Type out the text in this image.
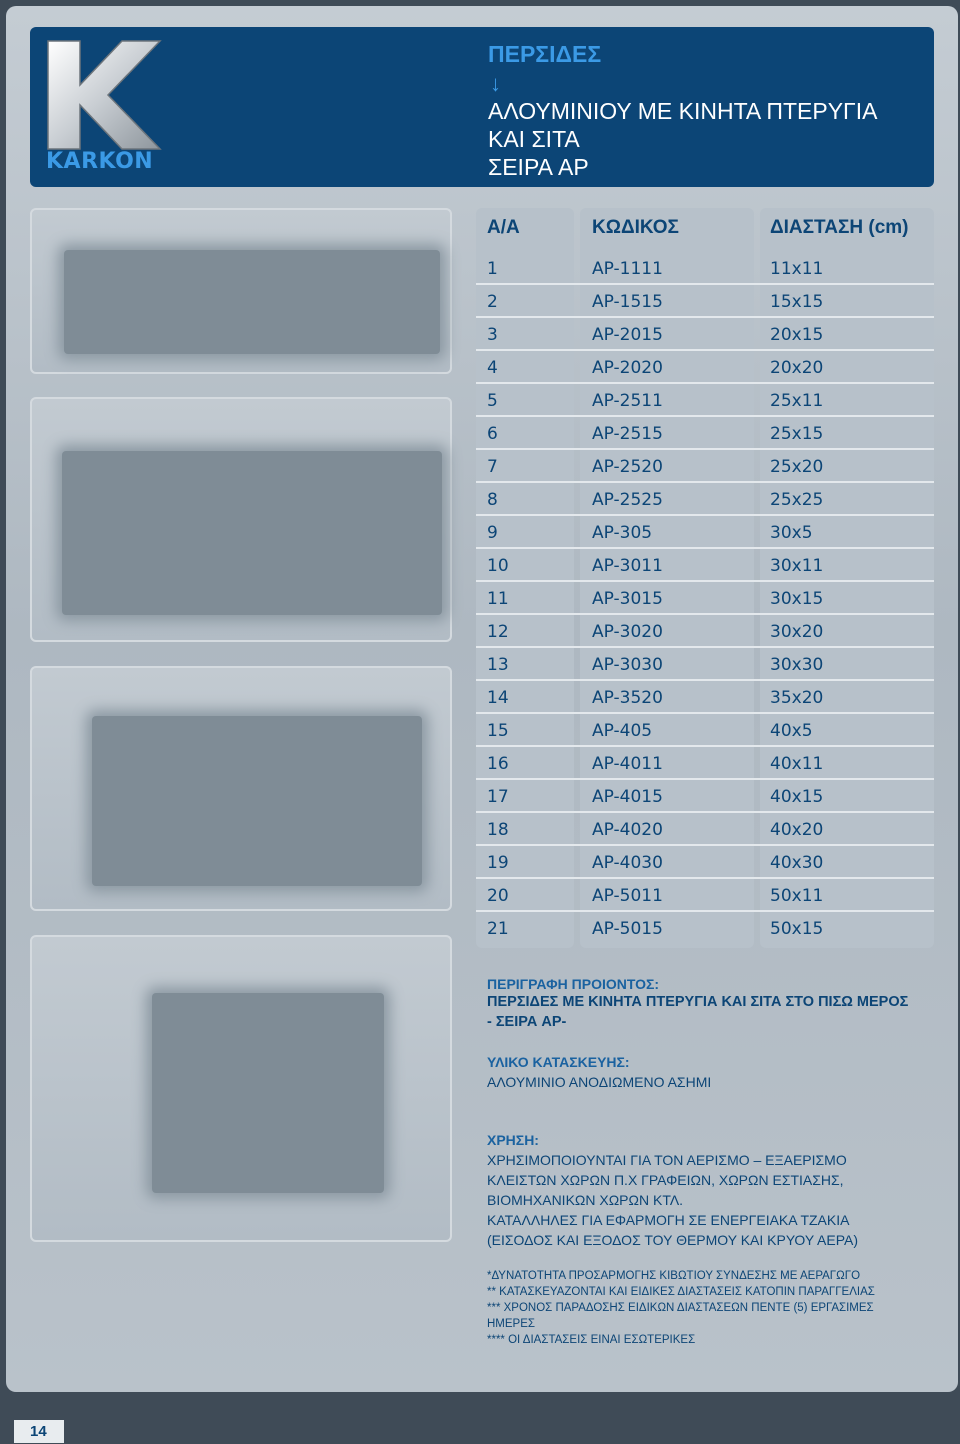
KARKON
ΠΕΡΣΙΔΕΣ
↓
ΑΛΟΥΜΙΝΙΟΥ ΜΕ ΚΙΝΗΤΑ ΠΤΕΡΥΓΙΑ
ΚΑΙ ΣΙΤΑ
ΣΕΙΡΑ AP
Α/Α	ΚΩΔΙΚΟΣ	ΔΙΑΣΤΑΣΗ (cm)
1	AP-1111	11x11
2	AP-1515	15x15
3	AP-2015	20x15
4	AP-2020	20x20
5	AP-2511	25x11
6	AP-2515	25x15
7	AP-2520	25x20
8	AP-2525	25x25
9	AP-305	30x5
10	AP-3011	30x11
11	AP-3015	30x15
12	AP-3020	30x20
13	AP-3030	30x30
14	AP-3520	35x20
15	AP-405	40x5
16	AP-4011	40x11
17	AP-4015	40x15
18	AP-4020	40x20
19	AP-4030	40x30
20	AP-5011	50x11
21	AP-5015	50x15
ΠΕΡΙΓΡΑΦΗ ΠΡΟΙΟΝΤΟΣ:
ΠΕΡΣΙΔΕΣ ΜΕ ΚΙΝΗΤΑ ΠΤΕΡΥΓΙΑ ΚΑΙ ΣΙΤΑ ΣΤΟ ΠΙΣΩ ΜΕΡΟΣ
- ΣΕΙΡΑ AP-
ΥΛΙΚΟ ΚΑΤΑΣΚΕΥΗΣ:
ΑΛΟΥΜΙΝΙΟ ΑΝΟΔΙΩΜΕΝΟ ΑΣΗΜΙ
ΧΡΗΣΗ:
ΧΡΗΣΙΜΟΠΟΙΟΥΝΤΑΙ ΓΙΑ ΤΟΝ ΑΕΡΙΣΜΟ – ΕΞΑΕΡΙΣΜΟ
ΚΛΕΙΣΤΩΝ ΧΩΡΩΝ Π.Χ ΓΡΑΦΕΙΩΝ, ΧΩΡΩΝ ΕΣΤΙΑΣΗΣ,
ΒΙΟΜΗΧΑΝΙΚΩΝ ΧΩΡΩΝ ΚΤΛ.
ΚΑΤΑΛΛΗΛΕΣ ΓΙΑ ΕΦΑΡΜΟΓΗ ΣΕ ΕΝΕΡΓΕΙΑΚΑ ΤΖΑΚΙΑ
(ΕΙΣΟΔΟΣ ΚΑΙ ΕΞΟΔΟΣ ΤΟΥ ΘΕΡΜΟΥ ΚΑΙ ΚΡΥΟΥ ΑΕΡΑ)
*ΔΥΝΑΤΟΤΗΤΑ ΠΡΟΣΑΡΜΟΓΗΣ ΚΙΒΩΤΙΟΥ ΣΥΝΔΕΣΗΣ ΜΕ ΑΕΡΑΓΩΓΟ
** ΚΑΤΑΣΚΕΥΑΖΟΝΤΑΙ ΚΑΙ ΕΙΔΙΚΕΣ ΔΙΑΣΤΑΣΕΙΣ ΚΑΤΟΠΙΝ ΠΑΡΑΓΓΕΛΙΑΣ
*** ΧΡΟΝΟΣ ΠΑΡΑΔΟΣΗΣ ΕΙΔΙΚΩΝ ΔΙΑΣΤΑΣΕΩΝ ΠΕΝΤΕ (5) ΕΡΓΑΣΙΜΕΣ
ΗΜΕΡΕΣ
**** ΟΙ ΔΙΑΣΤΑΣΕΙΣ ΕΙΝΑΙ ΕΣΩΤΕΡΙΚΕΣ
14
